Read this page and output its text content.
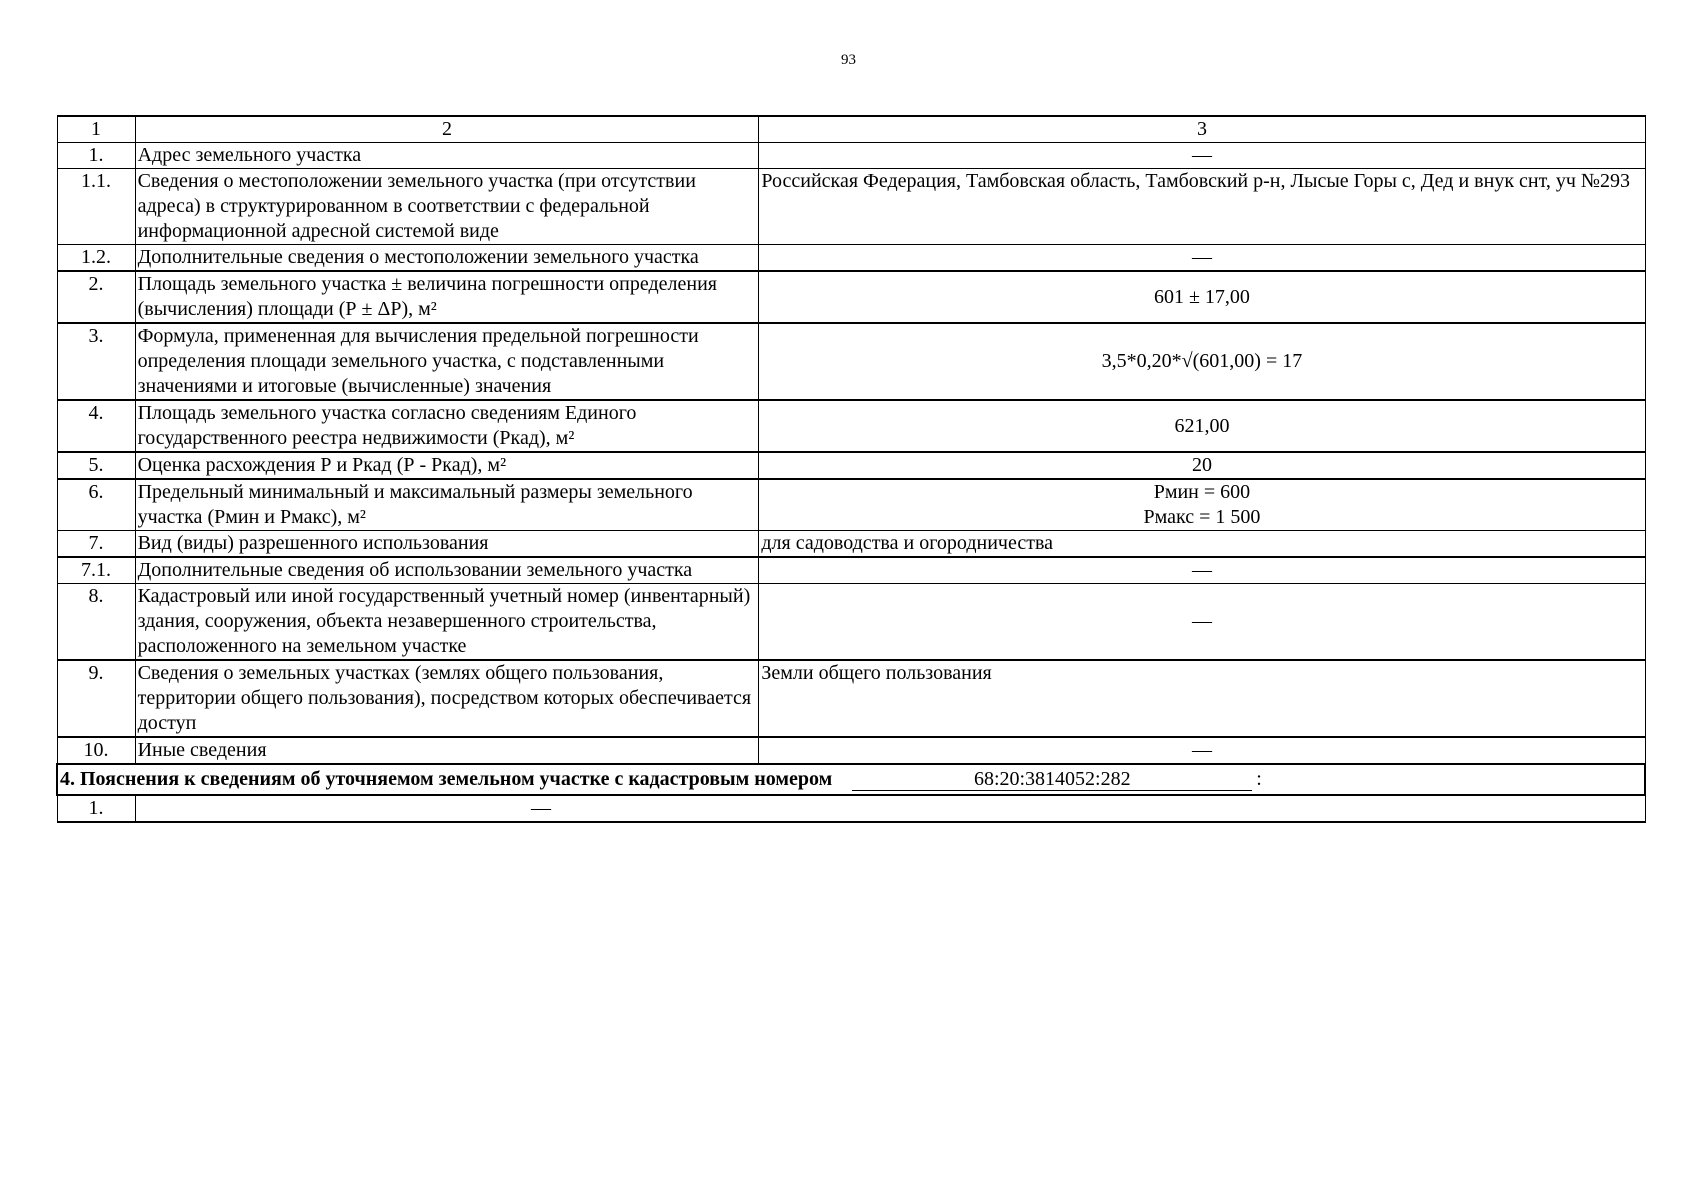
93
1	2	3
1.	Адрес земельного участка	—
1.1.	Сведения о местоположении земельного участка (при отсутствии адреса) в структурированном в соответствии с федеральной информационной адресной системой виде	Российская Федерация, Тамбовская область, Тамбовский р-н, Лысые Горы с, Дед и внук снт, уч №293
1.2.	Дополнительные сведения о местоположении земельного участка	—
2.	Площадь земельного участка ± величина погрешности определения (вычисления) площади (Р ± ΔР), м²	601 ± 17,00
3.	Формула, примененная для вычисления предельной погрешности определения площади земельного участка, с подставленными значениями и итоговые (вычисленные) значения	3,5*0,20*√(601,00) = 17
4.	Площадь земельного участка согласно сведениям Единого государственного реестра недвижимости (Ркад), м²	621,00
5.	Оценка расхождения Р и Ркад (Р - Ркад), м²	20
6.	Предельный минимальный и максимальный размеры земельного участка (Рмин и Рмакс), м²	Рмин = 600
Рмакс = 1 500

7.	Вид (виды) разрешенного использования	для садоводства и огородничества
7.1.	Дополнительные сведения об использовании земельного участка	—
8.	Кадастровый или иной государственный учетный номер (инвентарный) здания, сооружения, объекта незавершенного строительства, расположенного на земельном участке	—
9.	Сведения о земельных участках (землях общего пользования, территории общего пользования), посредством которых обеспечивается доступ	Земли общего пользования
10.	Иные сведения	—
4. Пояснения к сведениям об уточняемом земельном участке с кадастровым номером 68:20:3814052:282 :		
1.	—	
